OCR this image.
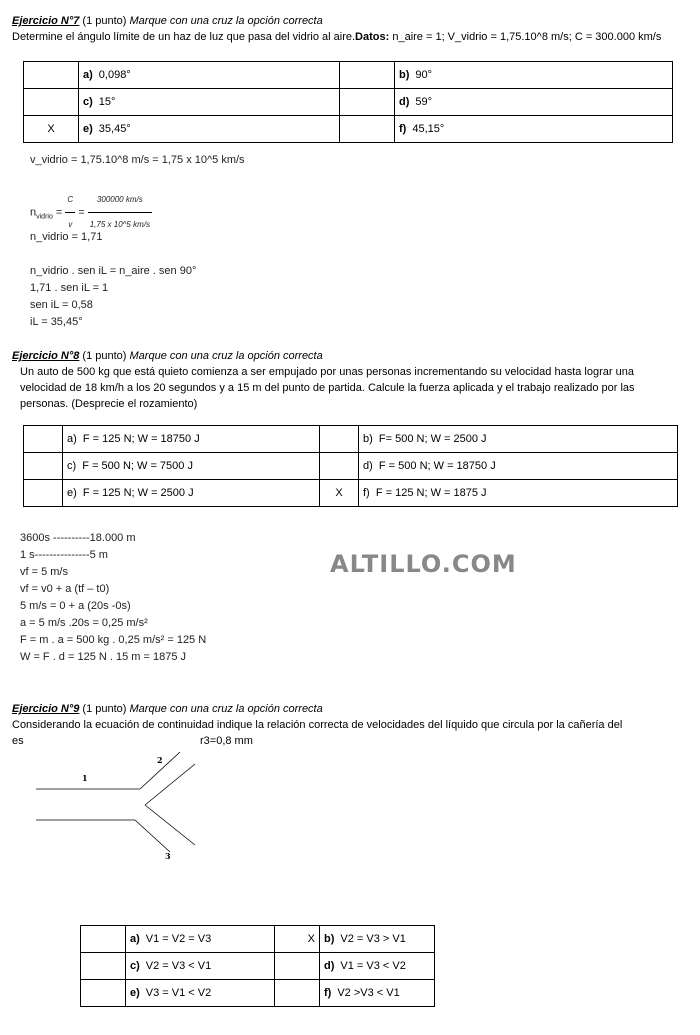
Ejercicio N°7 (1 punto) Marque con una cruz la opción correcta
Determine el ángulo límite de un haz de luz que pasa del vidrio al aire.Datos: n_aire = 1; V_vidrio = 1,75.10^8 m/s; C = 300.000 km/s
	a) 0,098°		b) 90°
	c) 15°		d) 59°
X	e) 35,45°		f) 45,15°
v_vidrio = 1,75.10^8 m/s = 1,75 x 10^5 km/s
$n_{vidrio} = \frac{C}{v} = \frac{300000 km/s}{1,75 x 10\^{}5 km/s}$
n_vidrio = 1,71
n_vidrio . sen iL = n_aire . sen 90°
1,71 . sen iL = 1
sen iL = 0,58
iL = 35,45°
Ejercicio N°8 (1 punto) Marque con una cruz la opción correcta
Un auto de 500 kg que está quieto comienza a ser empujado por unas personas incrementando su velocidad hasta lograr una
velocidad de 18 km/h a los 20 segundos y a 15 m del punto de partida. Calcule la fuerza aplicada y el trabajo realizado por las
personas. (Desprecie el rozamiento)
	a) F = 125 N; W = 18750 J		b) F= 500 N; W = 2500 J
	c) F = 500 N; W = 7500 J		d) F = 500 N; W = 18750 J
	e) F = 125 N; W = 2500 J	X	f) F = 125 N; W = 1875 J
3600s ----------18.000 m
1 s---------------5 m
vf = 5 m/s
vf = v0 + a (tf – t0)
5 m/s = 0 + a (20s -0s)
a = 5 m/s .20s = 0,25 m/s²
F = m . a = 500 kg . 0,25 m/s² = 125 N
W = F . d = 125 N . 15 m = 1875 J
ALTILLO.COM
Ejercicio N°9 (1 punto) Marque con una cruz la opción correcta
Considerando la ecuación de continuidad indique la relación correcta de velocidades del líquido que circula por la cañería del
es	r3=0,8 mm
1
2
3
	a) V1 = V2 = V3	X	b) V2 = V3 > V1
	c) V2 = V3 < V1		d) V1 = V3 < V2
	e) V3 = V1 < V2		f) V2 >V3 < V1
